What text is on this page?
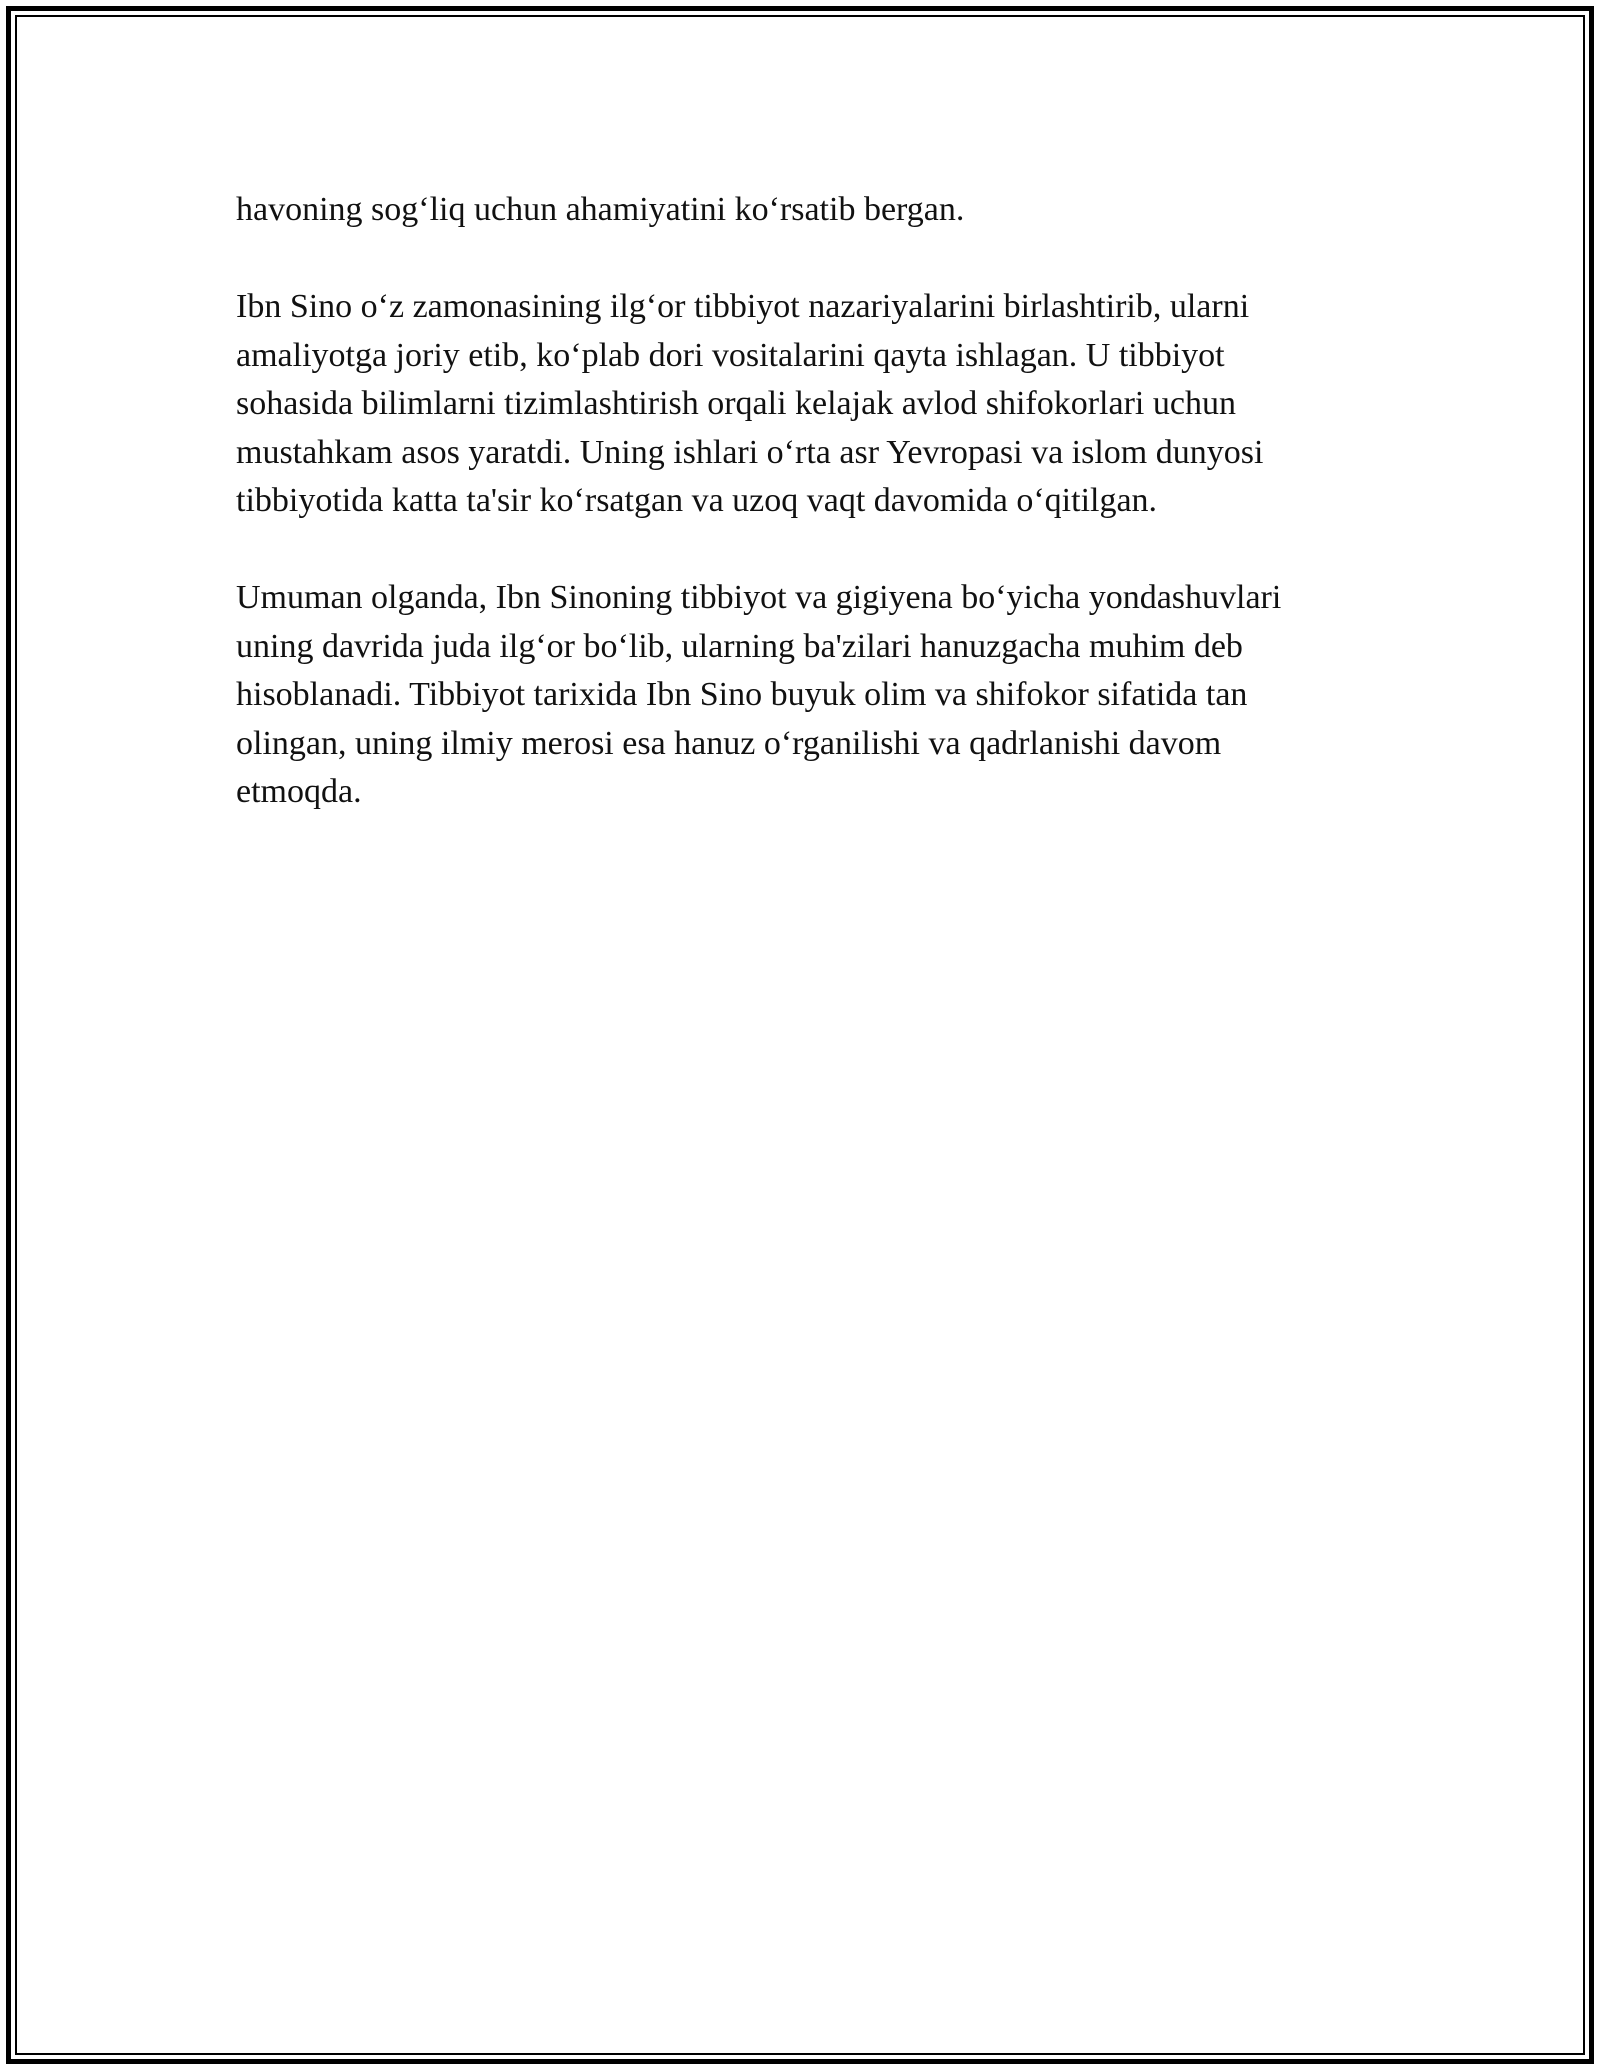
havoning sog‘liq uchun ahamiyatini ko‘rsatib bergan.

Ibn Sino o‘z zamonasining ilg‘or tibbiyot nazariyalarini birlashtirib, ularni
amaliyotga joriy etib, ko‘plab dori vositalarini qayta ishlagan. U tibbiyot
sohasida bilimlarni tizimlashtirish orqali kelajak avlod shifokorlari uchun
mustahkam asos yaratdi. Uning ishlari o‘rta asr Yevropasi va islom dunyosi
tibbiyotida katta ta'sir ko‘rsatgan va uzoq vaqt davomida o‘qitilgan.

Umuman olganda, Ibn Sinoning tibbiyot va gigiyena bo‘yicha yondashuvlari
uning davrida juda ilg‘or bo‘lib, ularning ba'zilari hanuzgacha muhim deb
hisoblanadi. Tibbiyot tarixida Ibn Sino buyuk olim va shifokor sifatida tan
olingan, uning ilmiy merosi esa hanuz o‘rganilishi va qadrlanishi davom
etmoqda.
